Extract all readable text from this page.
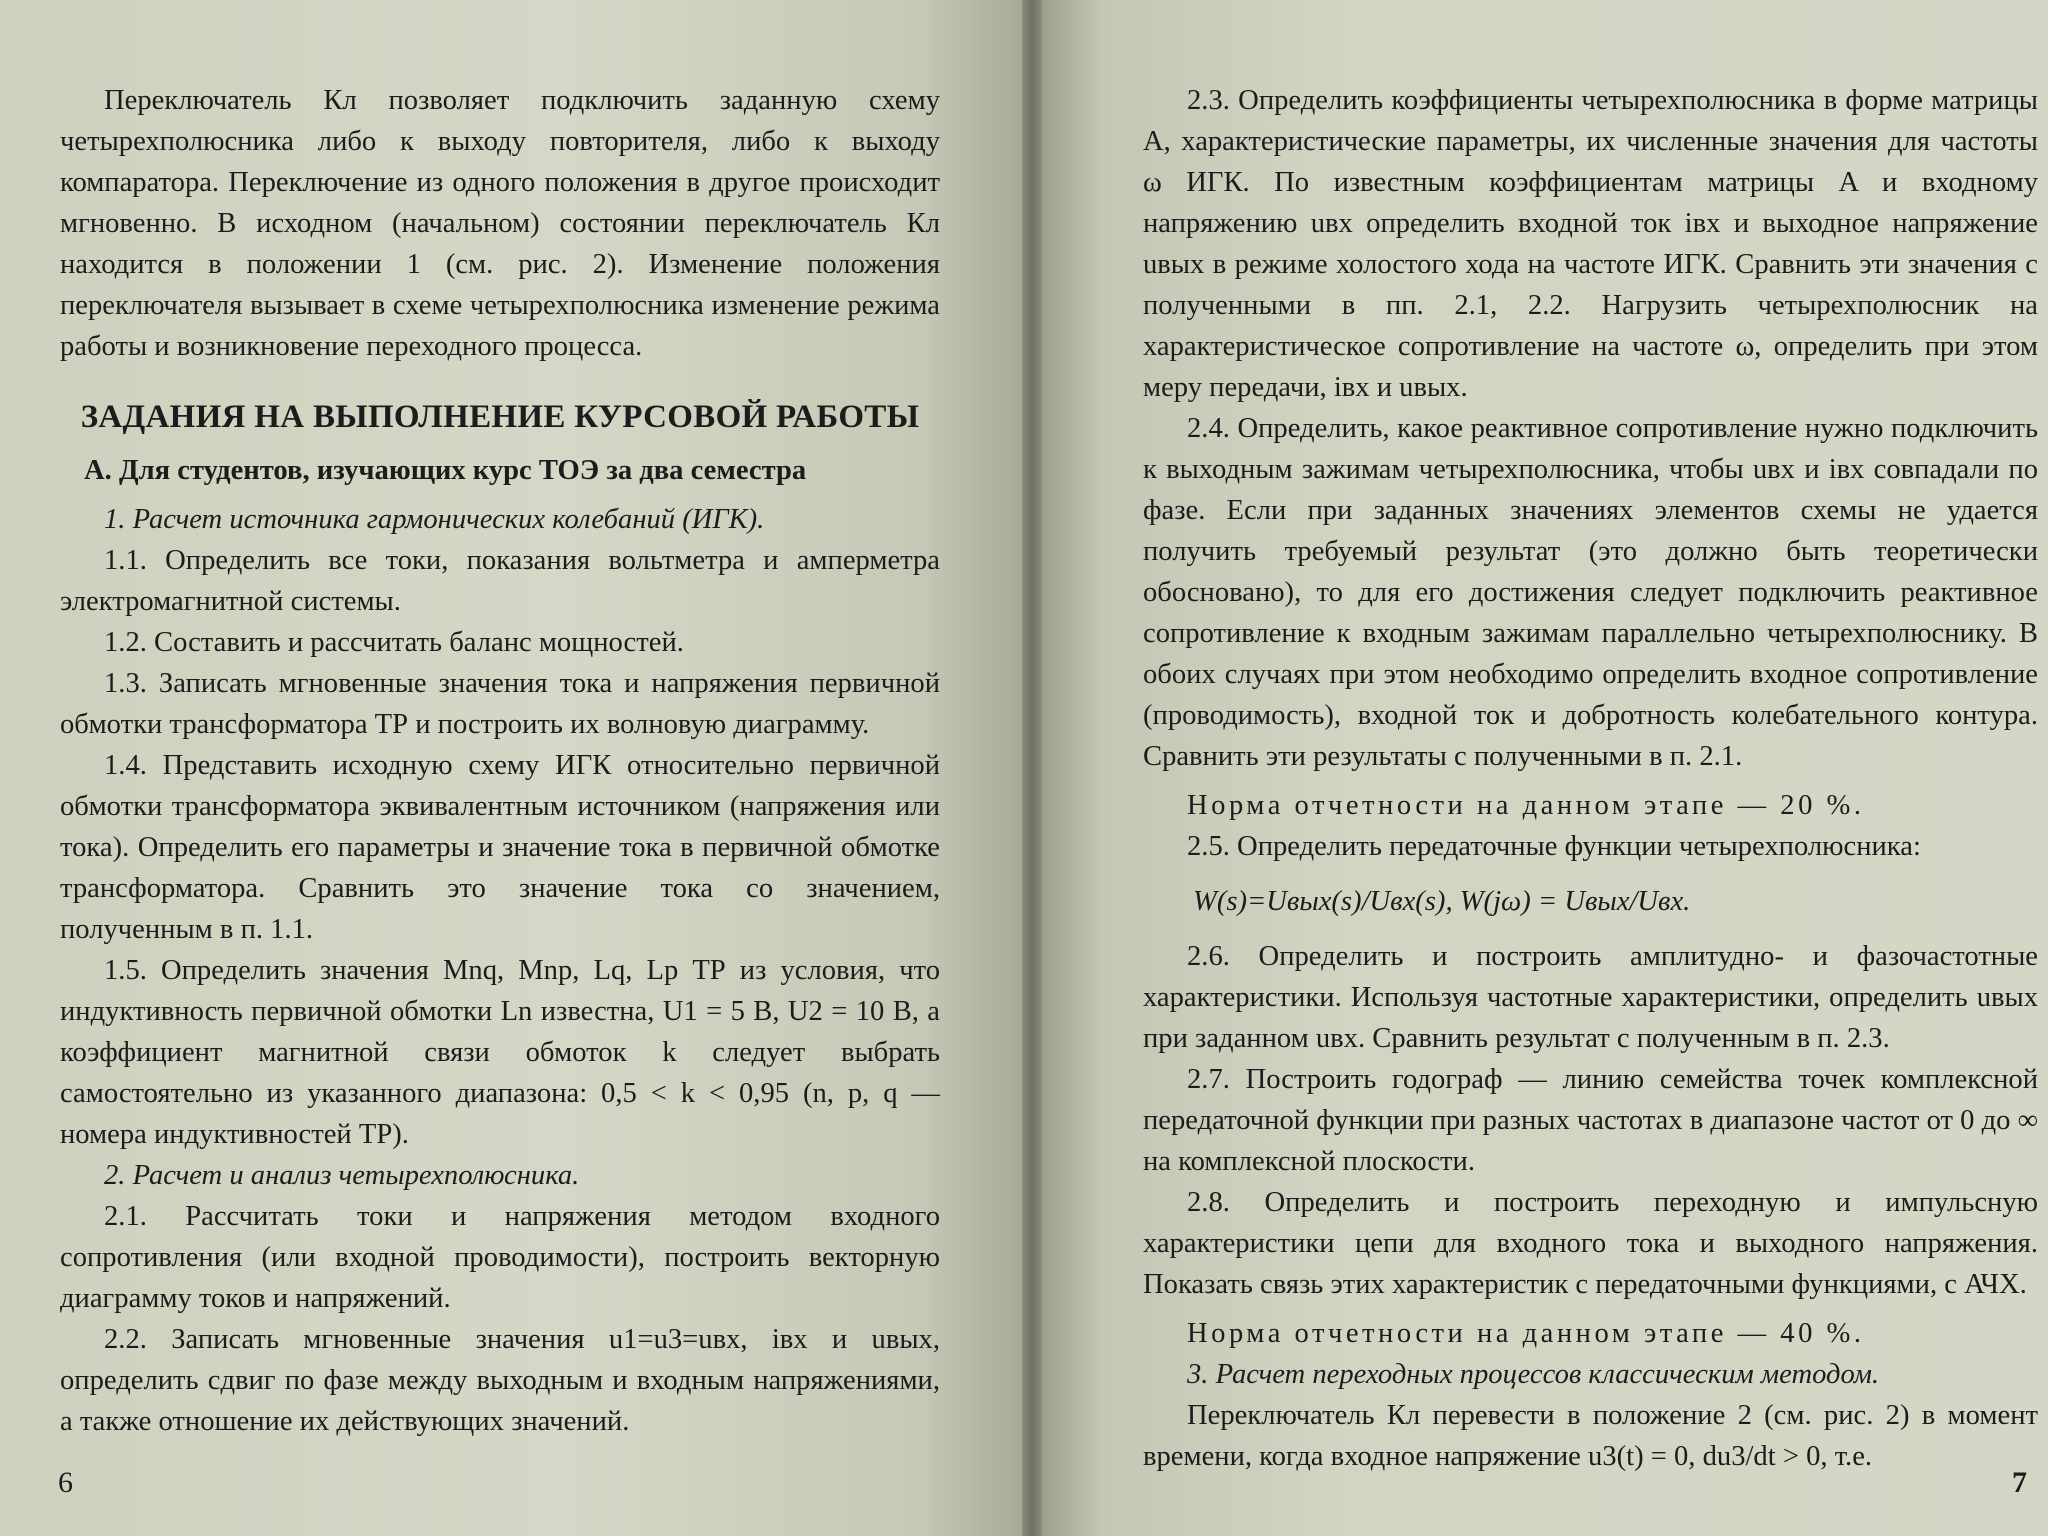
Переключатель Кл позволяет подключить заданную схему четырехполюсника либо к выходу повторителя, либо к выходу компаратора. Переключение из одного положения в другое происходит мгновенно. В исходном (начальном) состоянии переключатель Кл находится в положении 1 (см. рис. 2). Изменение положения переключателя вызывает в схеме четырехполюсника изменение режима работы и возникновение переходного процесса.

ЗАДАНИЯ НА ВЫПОЛНЕНИЕ КУРСОВОЙ РАБОТЫ

А. Для студентов, изучающих курс ТОЭ за два семестра

1. Расчет источника гармонических колебаний (ИГК).

1.1. Определить все токи, показания вольтметра и амперметра электромагнитной системы.

1.2. Составить и рассчитать баланс мощностей.

1.3. Записать мгновенные значения тока и напряжения первичной обмотки трансформатора ТР и построить их волновую диаграмму.

1.4. Представить исходную схему ИГК относительно первичной обмотки трансформатора эквивалентным источником (напряжения или тока). Определить его параметры и значение тока в первичной обмотке трансформатора. Сравнить это значение тока со значением, полученным в п. 1.1.

1.5. Определить значения Mnq, Mnp, Lq, Lp ТР из условия, что индуктивность первичной обмотки Ln известна, U1 = 5 В, U2 = 10 В, а коэффициент магнитной связи обмоток k следует выбрать самостоятельно из указанного диапазона: 0,5 < k < 0,95 (n, p, q — номера индуктивностей ТР).

2. Расчет и анализ четырехполюсника.

2.1. Рассчитать токи и напряжения методом входного сопротивления (или входной проводимости), построить векторную диаграмму токов и напряжений.

2.2. Записать мгновенные значения u1=u3=uвх, iвх и uвых, определить сдвиг по фазе между выходным и входным напряжениями, а также отношение их действующих значений.

6

2.3. Определить коэффициенты четырехполюсника в форме матрицы A, характеристические параметры, их численные значения для частоты ω ИГК. По известным коэффициентам матрицы A и входному напряжению uвх определить входной ток iвх и выходное напряжение uвых в режиме холостого хода на частоте ИГК. Сравнить эти значения с полученными в пп. 2.1, 2.2. Нагрузить четырехполюсник на характеристическое сопротивление на частоте ω, определить при этом меру передачи, iвх и uвых.

2.4. Определить, какое реактивное сопротивление нужно подключить к выходным зажимам четырехполюсника, чтобы uвх и iвх совпадали по фазе. Если при заданных значениях элементов схемы не удается получить требуемый результат (это должно быть теоретически обосновано), то для его достижения следует подключить реактивное сопротивление к входным зажимам параллельно четырехполюснику. В обоих случаях при этом необходимо определить входное сопротивление (проводимость), входной ток и добротность колебательного контура. Сравнить эти результаты с полученными в п. 2.1.

Норма отчетности на данном этапе — 20 %.

2.5. Определить передаточные функции четырехполюсника:

W(s)=Uвых(s)/Uвх(s), W(jω) = Uвых/Uвх.

2.6. Определить и построить амплитудно- и фазочастотные характеристики. Используя частотные характеристики, определить uвых при заданном uвх. Сравнить результат с полученным в п. 2.3.

2.7. Построить годограф — линию семейства точек комплексной передаточной функции при разных частотах в диапазоне частот от 0 до ∞ на комплексной плоскости.

2.8. Определить и построить переходную и импульсную характеристики цепи для входного тока и выходного напряжения. Показать связь этих характеристик с передаточными функциями, с АЧХ.

Норма отчетности на данном этапе — 40 %.

3. Расчет переходных процессов классическим методом.

Переключатель Кл перевести в положение 2 (см. рис. 2) в момент времени, когда входное напряжение u3(t) = 0, du3/dt > 0, т.е.

7
